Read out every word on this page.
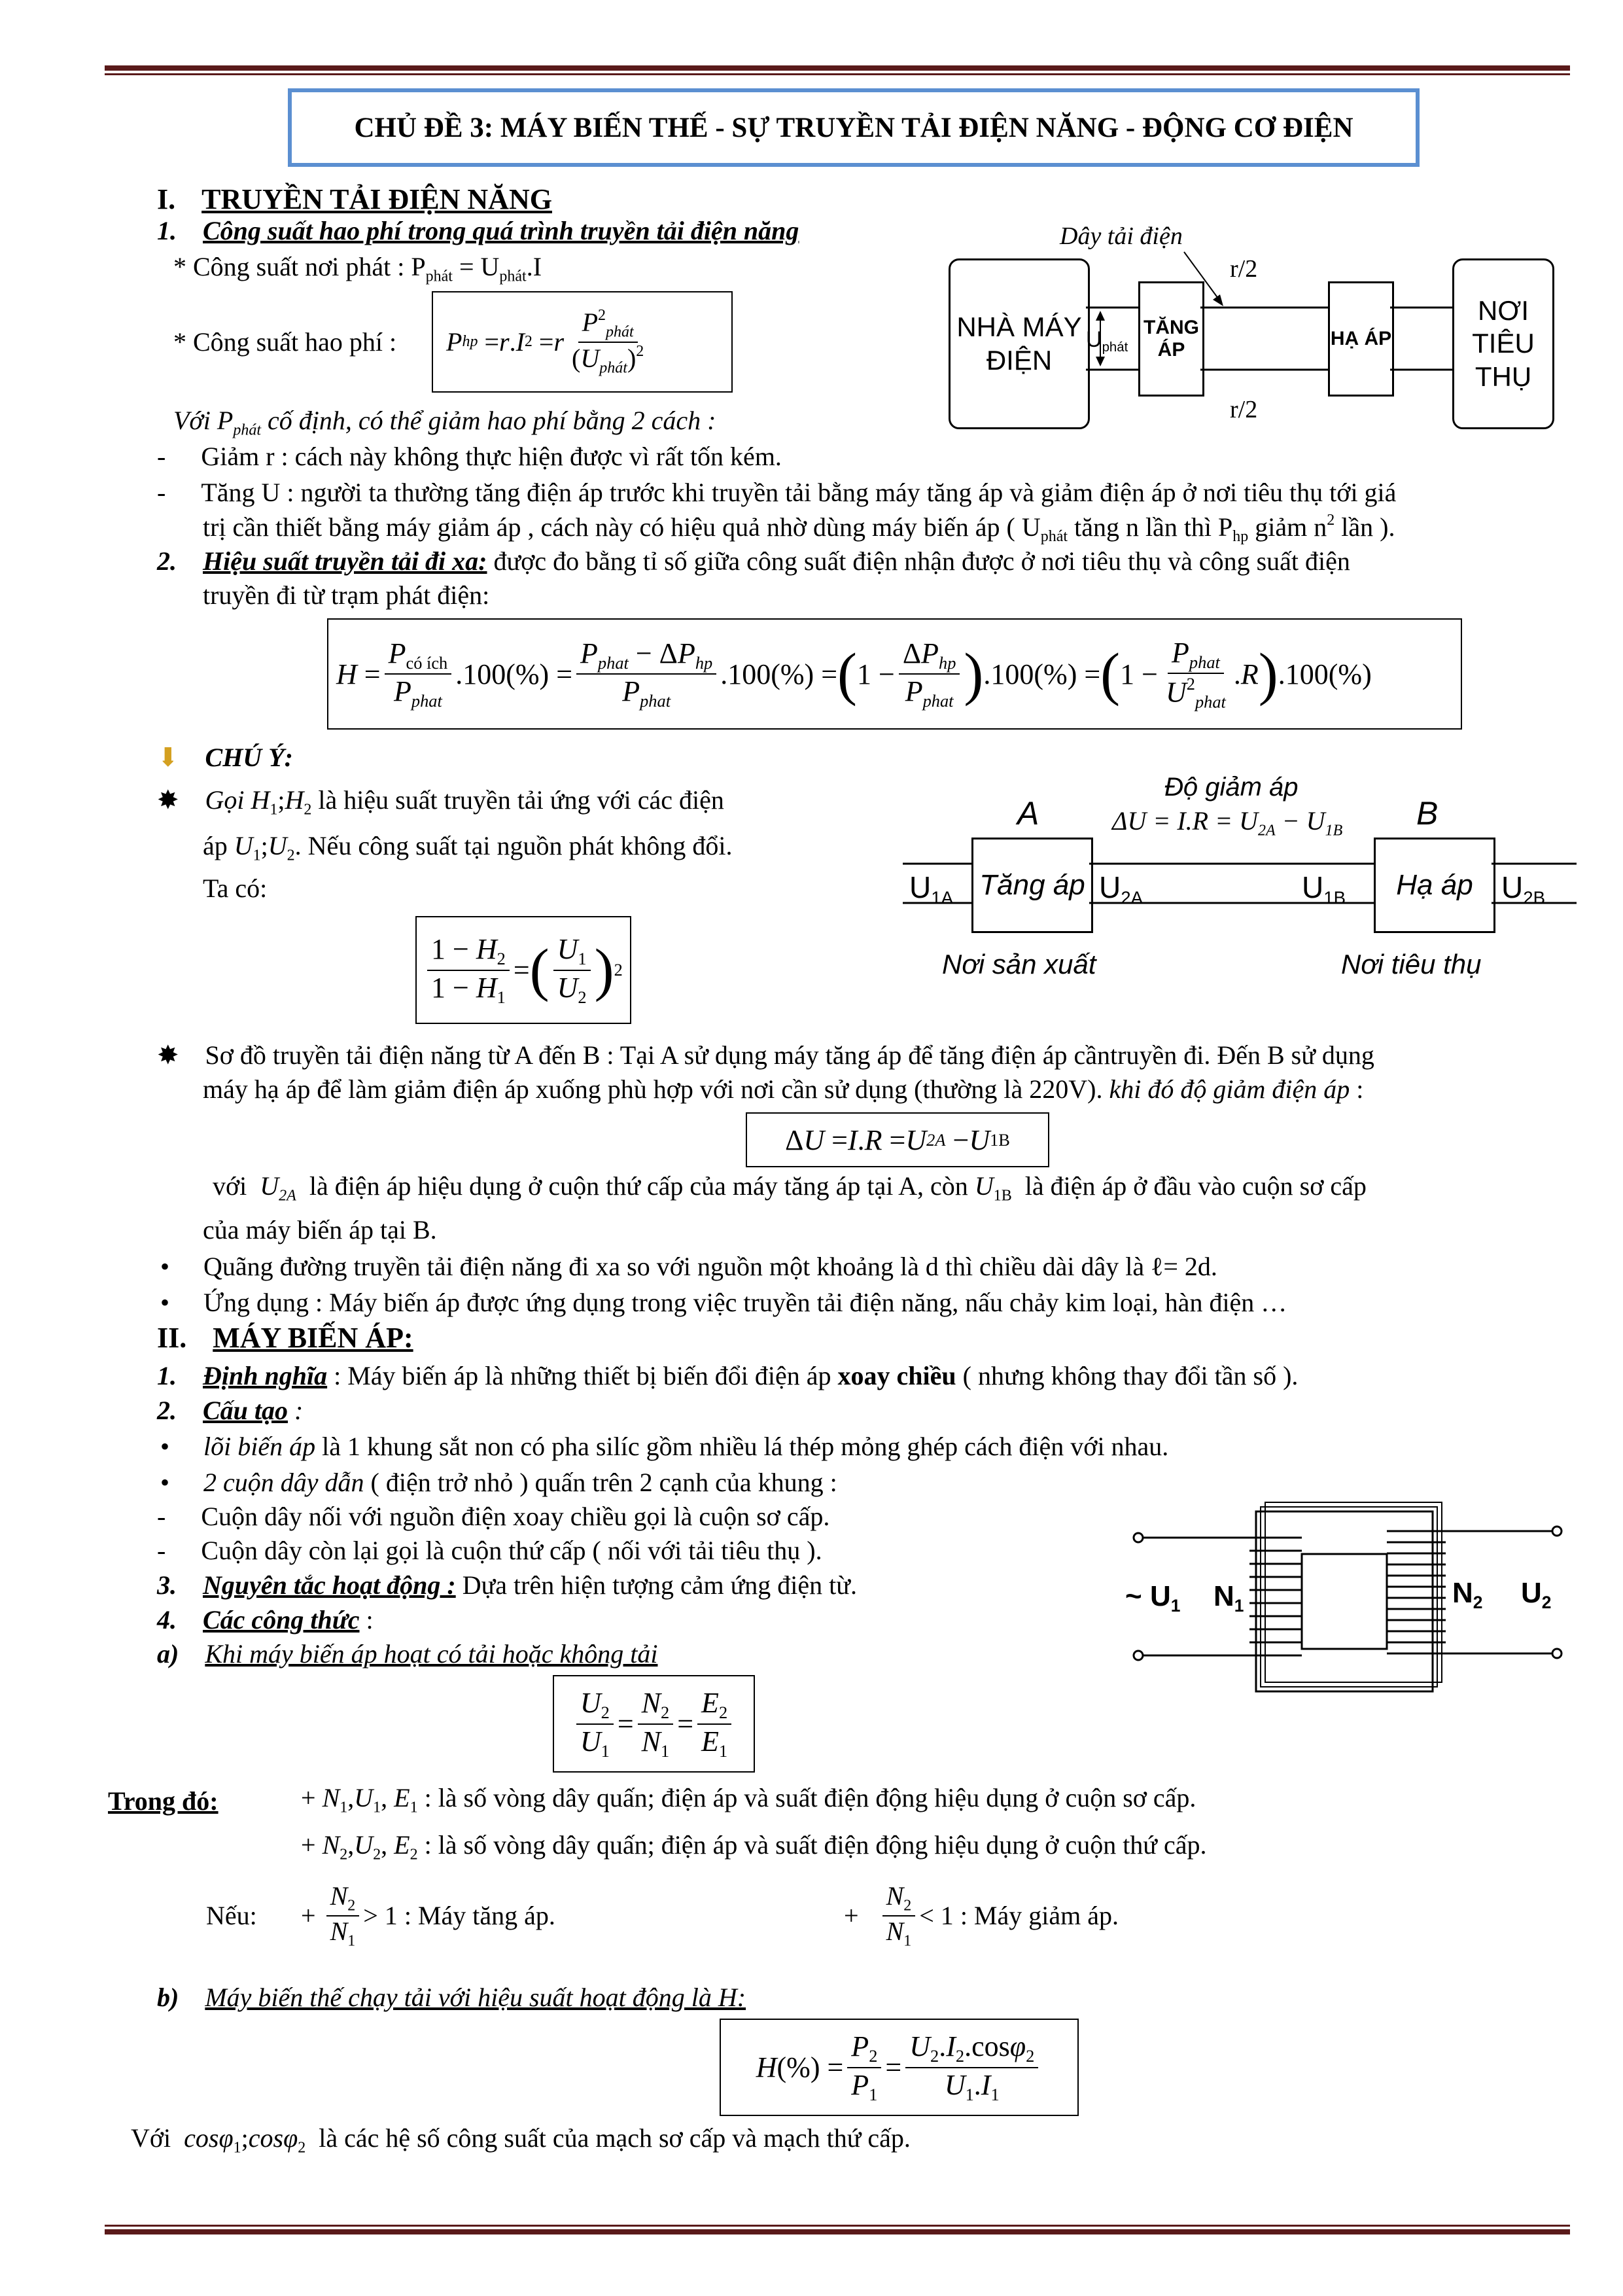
CHỦ ĐỀ 3: MÁY BIẾN THẾ - SỰ TRUYỀN TẢI ĐIỆN NĂNG - ĐỘNG CƠ ĐIỆN
I. TRUYỀN TẢI ĐIỆN NĂNG
1. Công suất hao phí trong quá trình truyền tải điện năng
* Công suất nơi phát : $P_{phát} = U_{phát}.I$
* Công suất hao phí : P hp = r . I 2 = r $\frac{P^2_{phát}}{(U_{phát})^2}$
Với $P_{phát}$ cố định, có thể giảm hao phí bằng 2 cách :
- Giảm r : cách này không thực hiện được vì rất tốn kém.
- Tăng U : người ta thường tăng điện áp trước khi truyền tải bằng máy tăng áp và giảm điện áp ở nơi tiêu thụ tới giá
trị cần thiết bằng máy giảm áp , cách này có hiệu quả nhờ dùng máy biến áp ( $U_{phát}$ tăng n lần thì $P_{hp}$ giảm $n^2$ lần ).
2. Hiệu suất truyền tải đi xa: được đo bằng tỉ số giữa công suất điện nhận được ở nơi tiêu thụ và công suất điện
truyền đi từ trạm phát điện:
$H = \frac{P_{có ích}}{P_{phat}} .100(\%) = \frac{P_{phat} - \Delta P_{hp}}{P_{phat}} .100(\%)$ = ( $1 - \frac{\Delta P_{hp}}{P_{phat}}$ ) .100(%) = ( $1 - \frac{P_{phat}}{U^2_{phat}}$ . R ) .100(%)
Dây tải điện
r/2
r/2
NHÀ MÁY ĐIỆN
TĂNG ÁP
HẠ ÁP
NƠI TIÊU THỤ
$U_{phát}$
⬇ CHÚ Ý:
✸ Gọi $H_1;H_2$ là hiệu suất truyền tải ứng với các điện
áp $U_1;U_2$. Nếu công suất tại nguồn phát không đổi.
Ta có:
$\frac{1 - H_2}{1 - H_1}$ = ( $\frac{U_1}{U_2}$ ) 2
Độ giảm áp
$\Delta U = I.R = U_{2A} - U_{1B}$
A	B
Tăng áp	Hạ áp
$U_{1A}$	$U_{2A}$	$U_{1B}$	$U_{2B}$
Nơi sản xuất	Nơi tiêu thụ
✸ Sơ đồ truyền tải điện năng từ A đến B : Tại A sử dụng máy tăng áp để tăng điện áp cầntruyền đi. Đến B sử dụng
máy hạ áp để làm giảm điện áp xuống phù hợp với nơi cần sử dụng (thường là 220V). khi đó độ giảm điện áp :
Δ U = I . R = U 2A − U 1B
với $U_{2A}$ là điện áp hiệu dụng ở cuộn thứ cấp của máy tăng áp tại A, còn $U_{1B}$ là điện áp ở đầu vào cuộn sơ cấp
của máy biến áp tại B.
• Quãng đường truyền tải điện năng đi xa so với nguồn một khoảng là d thì chiều dài dây là ℓ= 2d.
• Ứng dụng : Máy biến áp được ứng dụng trong việc truyền tải điện năng, nấu chảy kim loại, hàn điện …
II. MÁY BIẾN ÁP:
1. Định nghĩa : Máy biến áp là những thiết bị biến đổi điện áp xoay chiều ( nhưng không thay đổi tần số ).
2. Cấu tạo :
• lõi biến áp là 1 khung sắt non có pha silíc gồm nhiều lá thép mỏng ghép cách điện với nhau.
• 2 cuộn dây dẫn ( điện trở nhỏ ) quấn trên 2 cạnh của khung :
- Cuộn dây nối với nguồn điện xoay chiều gọi là cuộn sơ cấp.
- Cuộn dây còn lại gọi là cuộn thứ cấp ( nối với tải tiêu thụ ).
3. Nguyên tắc hoạt động : Dựa trên hiện tượng cảm ứng điện từ.
4. Các công thức :
a) Khi máy biến áp hoạt có tải hoặc không tải
$\frac{U_2}{U_1} = \frac{N_2}{N_1} = \frac{E_2}{E_1}$
~ $U_1$ $N_1$	$N_2$ $U_2$
Trong đó:	+ $N_1,U_1$, $E_1$ : là số vòng dây quấn; điện áp và suất điện động hiệu dụng ở cuộn sơ cấp.
+ $N_2,U_2$, $E_2$ : là số vòng dây quấn; điện áp và suất điện động hiệu dụng ở cuộn thứ cấp.
Nếu: + $\frac{N_2}{N_1} > 1$ : Máy tăng áp.	+ $\frac{N_2}{N_1} < 1$ : Máy giảm áp.
b) Máy biến thế chạy tải với hiệu suất hoạt động là H:
H (%) = $\frac{P_2}{P_1} = \frac{U_2.I_2.\cos\varphi_2}{U_1.I_1}$
Với cosφ$_1$;cosφ$_2$ là các hệ số công suất của mạch sơ cấp và mạch thứ cấp.
